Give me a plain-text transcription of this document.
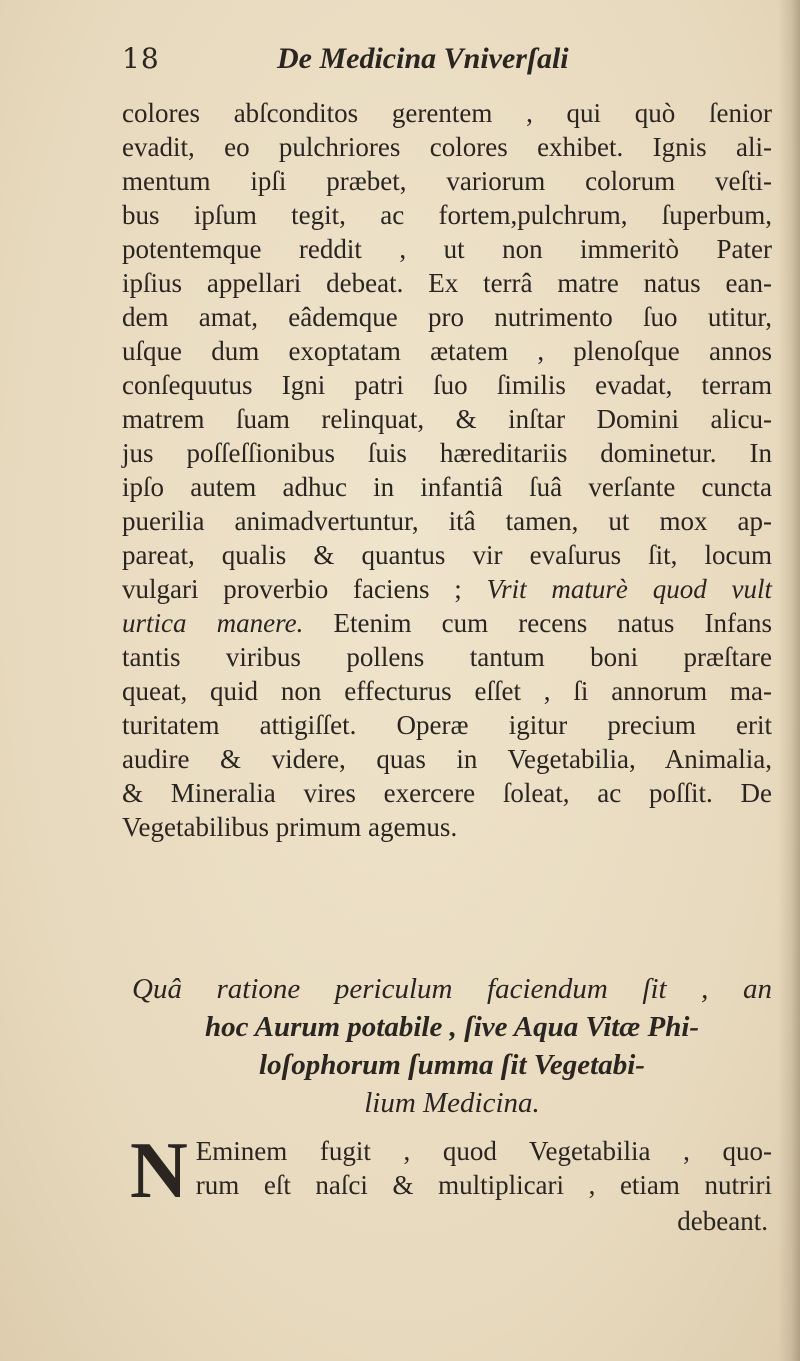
18	De Medicina Vniverſali
colores abſconditos gerentem , qui quò ſenior
evadit, eo pulchriores colores exhibet. Ignis ali-
mentum ipſi præbet, variorum colorum veſti-
bus ipſum tegit, ac fortem,pulchrum, ſuperbum,
potentemque reddit , ut non immeritò Pater
ipſius appellari debeat. Ex terrâ matre natus ean-
dem amat, eâdemque pro nutrimento ſuo utitur,
uſque dum exoptatam ætatem , plenoſque annos
conſequutus Igni patri ſuo ſimilis evadat, terram
matrem ſuam relinquat, & inſtar Domini alicu-
jus poſſeſſionibus ſuis hæreditariis dominetur. In
ipſo autem adhuc in infantiâ ſuâ verſante cuncta
puerilia animadvertuntur, itâ tamen, ut mox ap-
pareat, qualis & quantus vir evaſurus ſit, locum
vulgari proverbio faciens ; Vrit maturè quod vult
urtica manere. Etenim cum recens natus Infans
tantis viribus pollens tantum boni præſtare
queat, quid non effecturus eſſet , ſi annorum ma-
turitatem attigiſſet. Operæ igitur precium erit
audire & videre, quas in Vegetabilia, Animalia,
& Mineralia vires exercere ſoleat, ac poſſit. De
Vegetabilibus primum agemus.
Quâ ratione periculum faciendum ſit , an
hoc Aurum potabile , ſive Aqua Vitæ Phi-
loſophorum ſumma ſit Vegetabi-
lium Medicina.
N Eminem fugit , quod Vegetabilia , quo-
rum eſt naſci & multiplicari , etiam nutriri
debeant.
